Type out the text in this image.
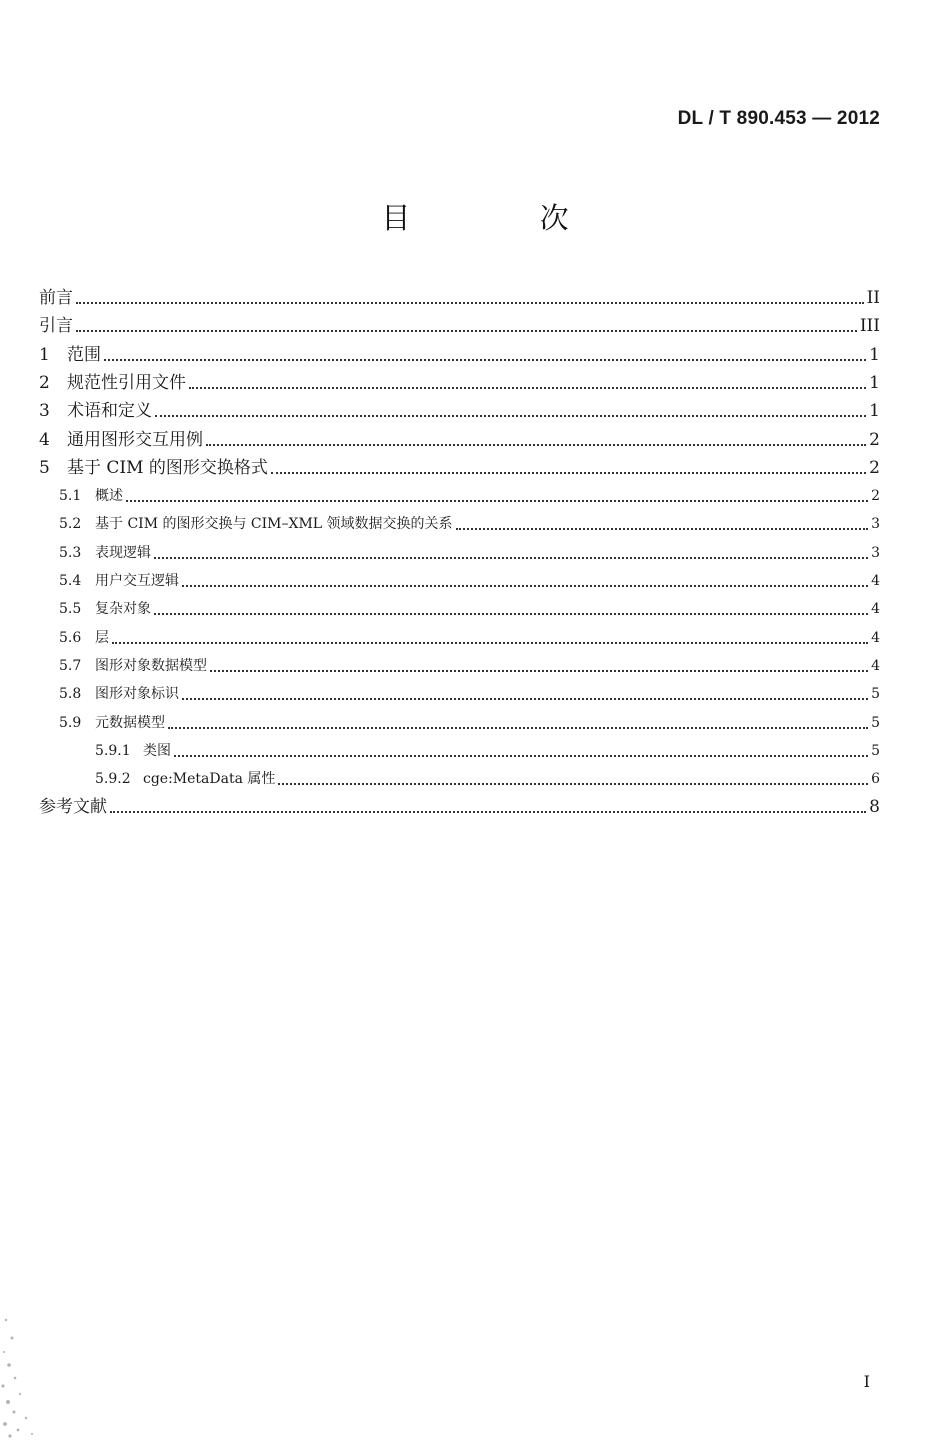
DL / T 890.453 — 2012
目 次
前言	II
引言	III
1	范围	1
2	规范性引用文件	1
3	术语和定义	1
4	通用图形交互用例	2
5	基于 CIM 的图形交换格式	2
5.1 概述	2
5.2 基于 CIM 的图形交换与 CIM–XML 领域数据交换的关系	3
5.3 表现逻辑	3
5.4 用户交互逻辑	4
5.5 复杂对象	4
5.6 层	4
5.7 图形对象数据模型	4
5.8 图形对象标识	5
5.9 元数据模型	5
5.9.1 类图	5
5.9.2 cge:MetaData 属性	6
参考文献	8
I
